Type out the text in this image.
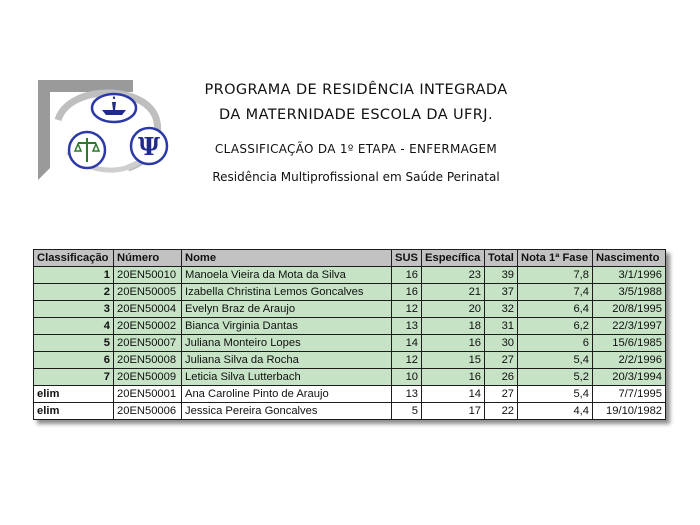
Ψ
PROGRAMA DE RESIDÊNCIA INTEGRADA
DA MATERNIDADE ESCOLA DA UFRJ.
CLASSIFICAÇÃO DA 1º ETAPA - ENFERMAGEM
Residência Multiprofissional em Saúde Perinatal
Classificação	Número	Nome	SUS	Específica	Total	Nota 1ª Fase	Nascimento
1	20EN50010	Manoela Vieira da Mota da Silva	16	23	39	7,8	3/1/1996
2	20EN50005	Izabella Christina Lemos Goncalves	16	21	37	7,4	3/5/1988
3	20EN50004	Evelyn Braz de Araujo	12	20	32	6,4	20/8/1995
4	20EN50002	Bianca Virginia Dantas	13	18	31	6,2	22/3/1997
5	20EN50007	Juliana Monteiro Lopes	14	16	30	6	15/6/1985
6	20EN50008	Juliana Silva da Rocha	12	15	27	5,4	2/2/1996
7	20EN50009	Leticia Silva Lutterbach	10	16	26	5,2	20/3/1994
elim	20EN50001	Ana Caroline Pinto de Araujo	13	14	27	5,4	7/7/1995
elim	20EN50006	Jessica Pereira Goncalves	5	17	22	4,4	19/10/1982
